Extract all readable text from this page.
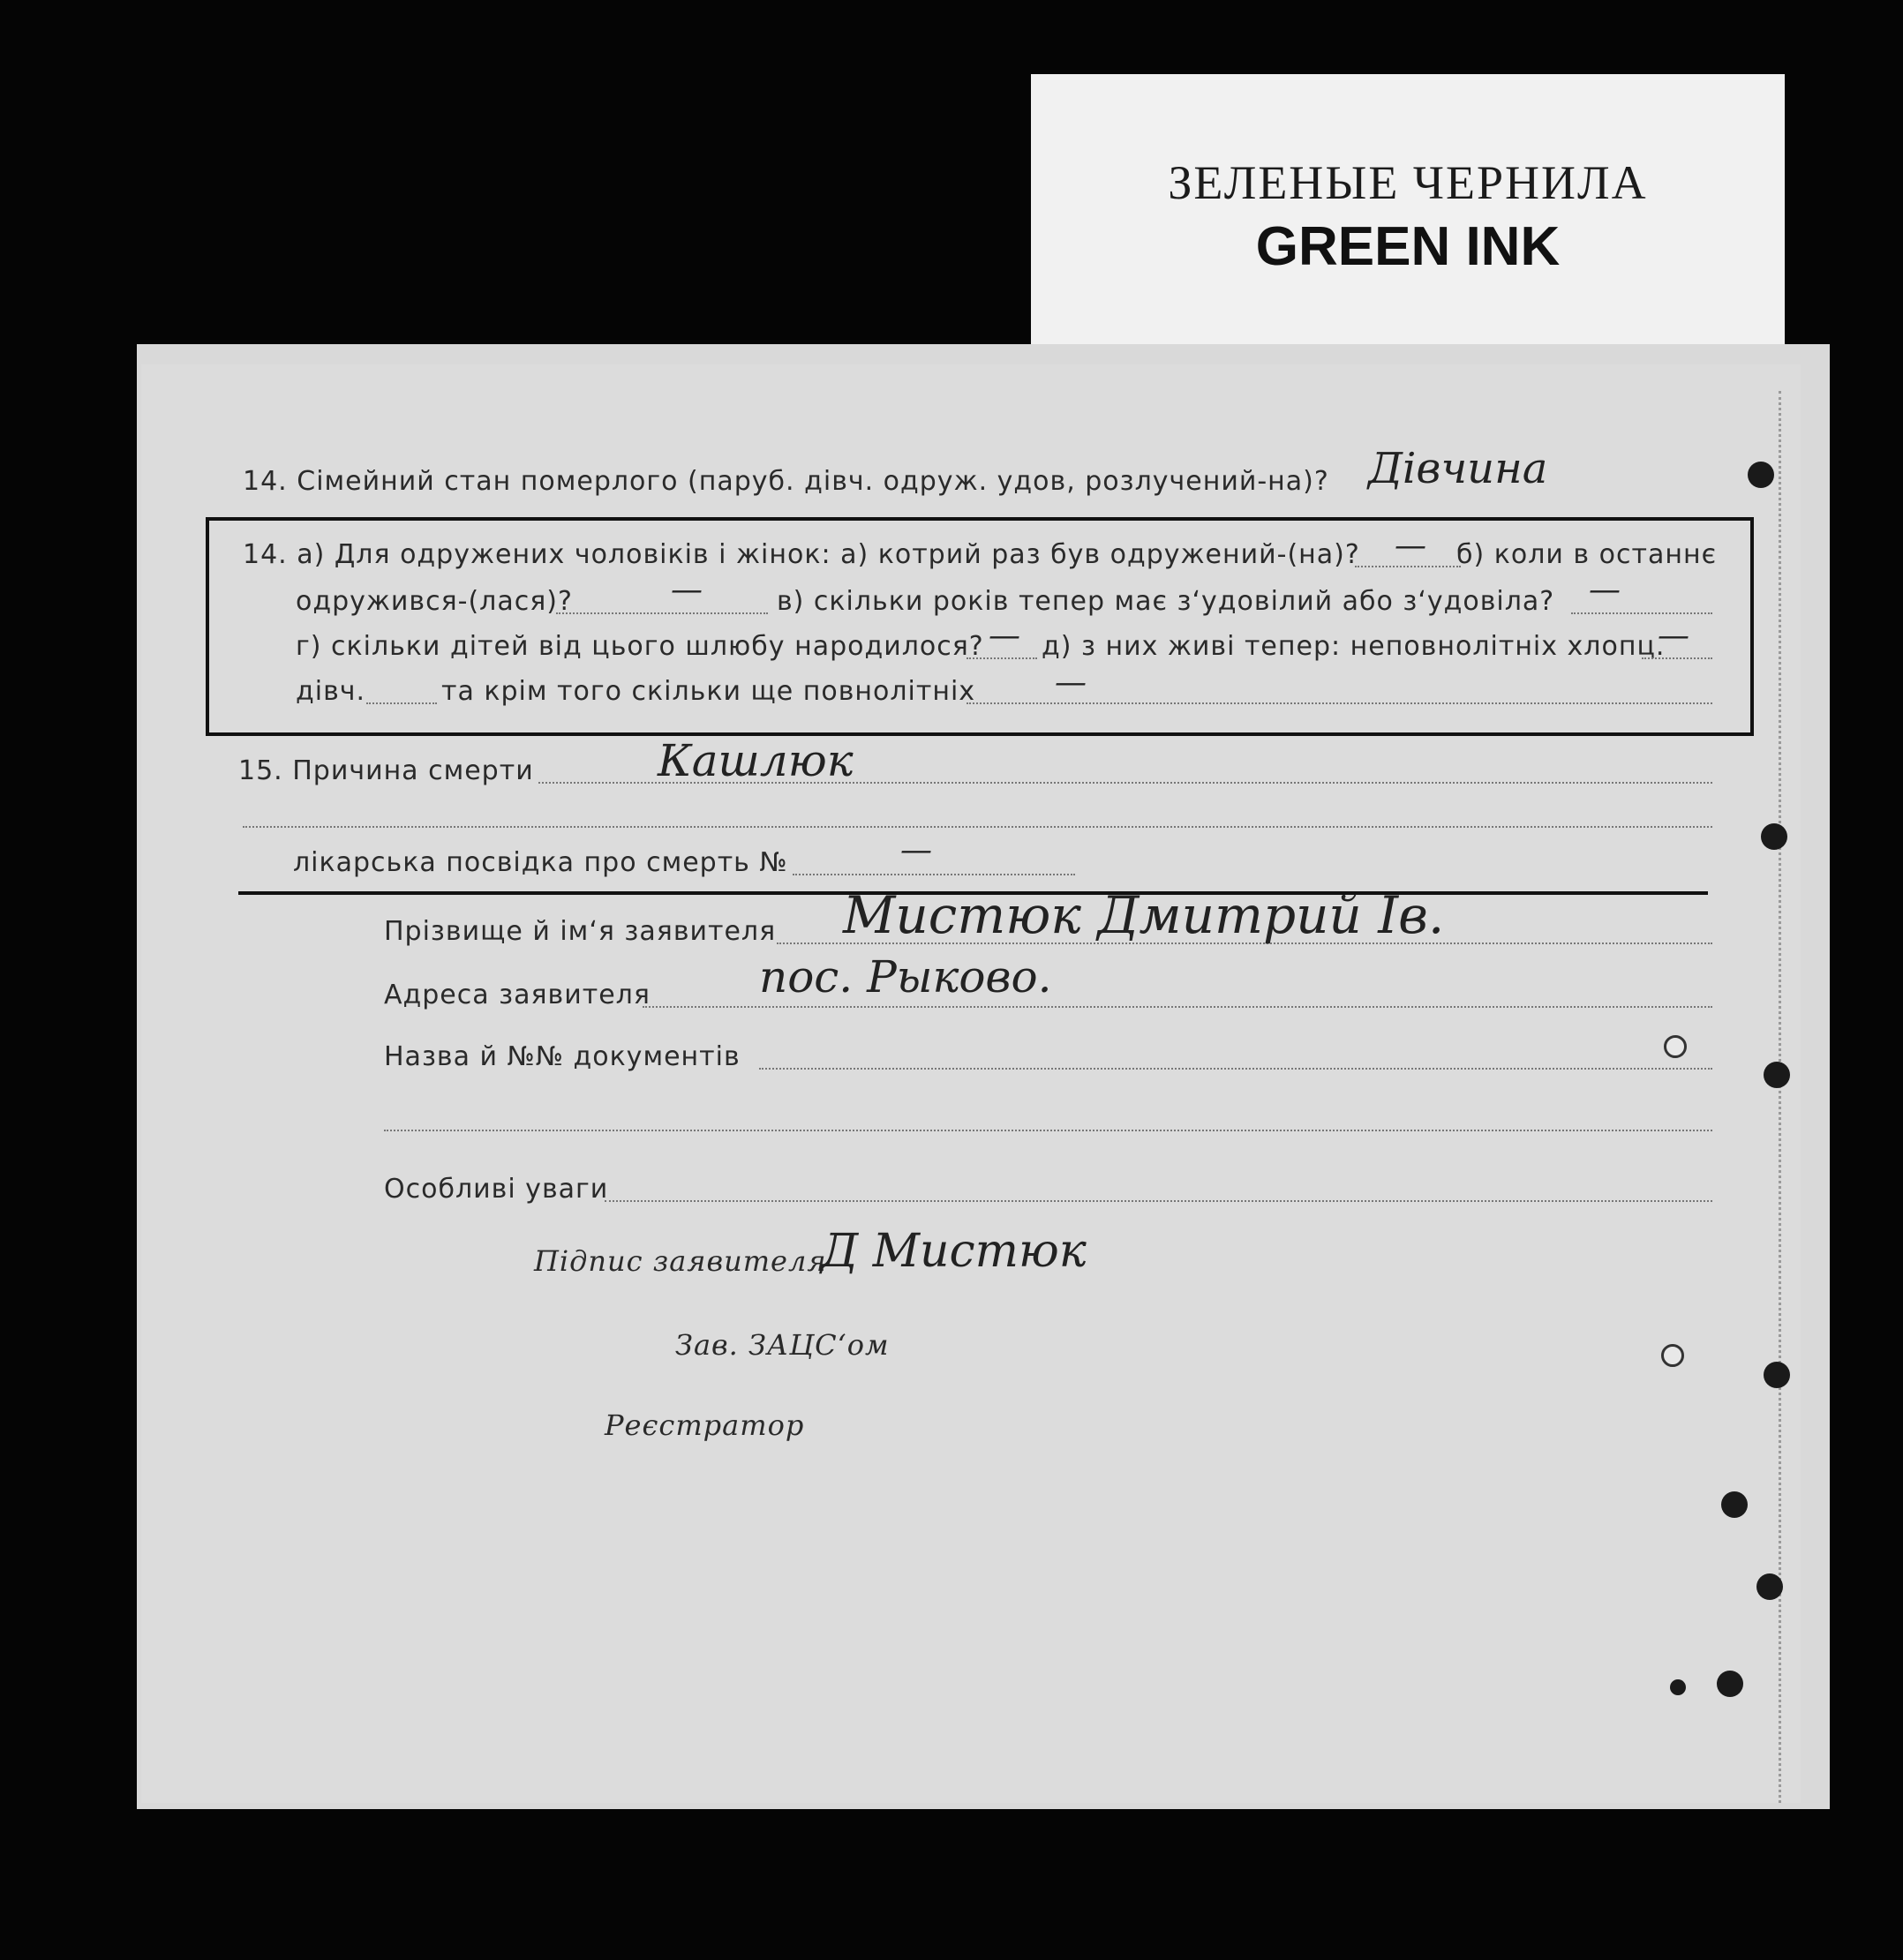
ЗЕЛЕНЫЕ ЧЕРНИЛА
GREEN INK
14. Сімейний стан померлого (паруб. дівч. одруж. удов, розлучений-на)? Дівчина
14. а) Для одружених чоловіків і жінок: а) котрий раз був одружений-(на)? — б) коли в останнє
одружився-(лася)?	—	в) скільки років тепер має з‘удовілий або з‘удовіла? —
г) скільки дітей від цього шлюбу народилося? — д) з них живі тепер: неповнолітніх хлопц.
—
дівч.	та крім того скільки ще повнолітніх —
15. Причина смерти	Кашлюк
лікарська посвідка про смерть №	—
Прізвище й ім‘я заявителя Мистюк Дмитрий Ів.
Адреса заявителя пос. Рыково.
Назва й №№ документів
Особливі уваги
Підпис заявителя
Д Мистюк
Зав. ЗАЦС‘ом
Реєстратор
